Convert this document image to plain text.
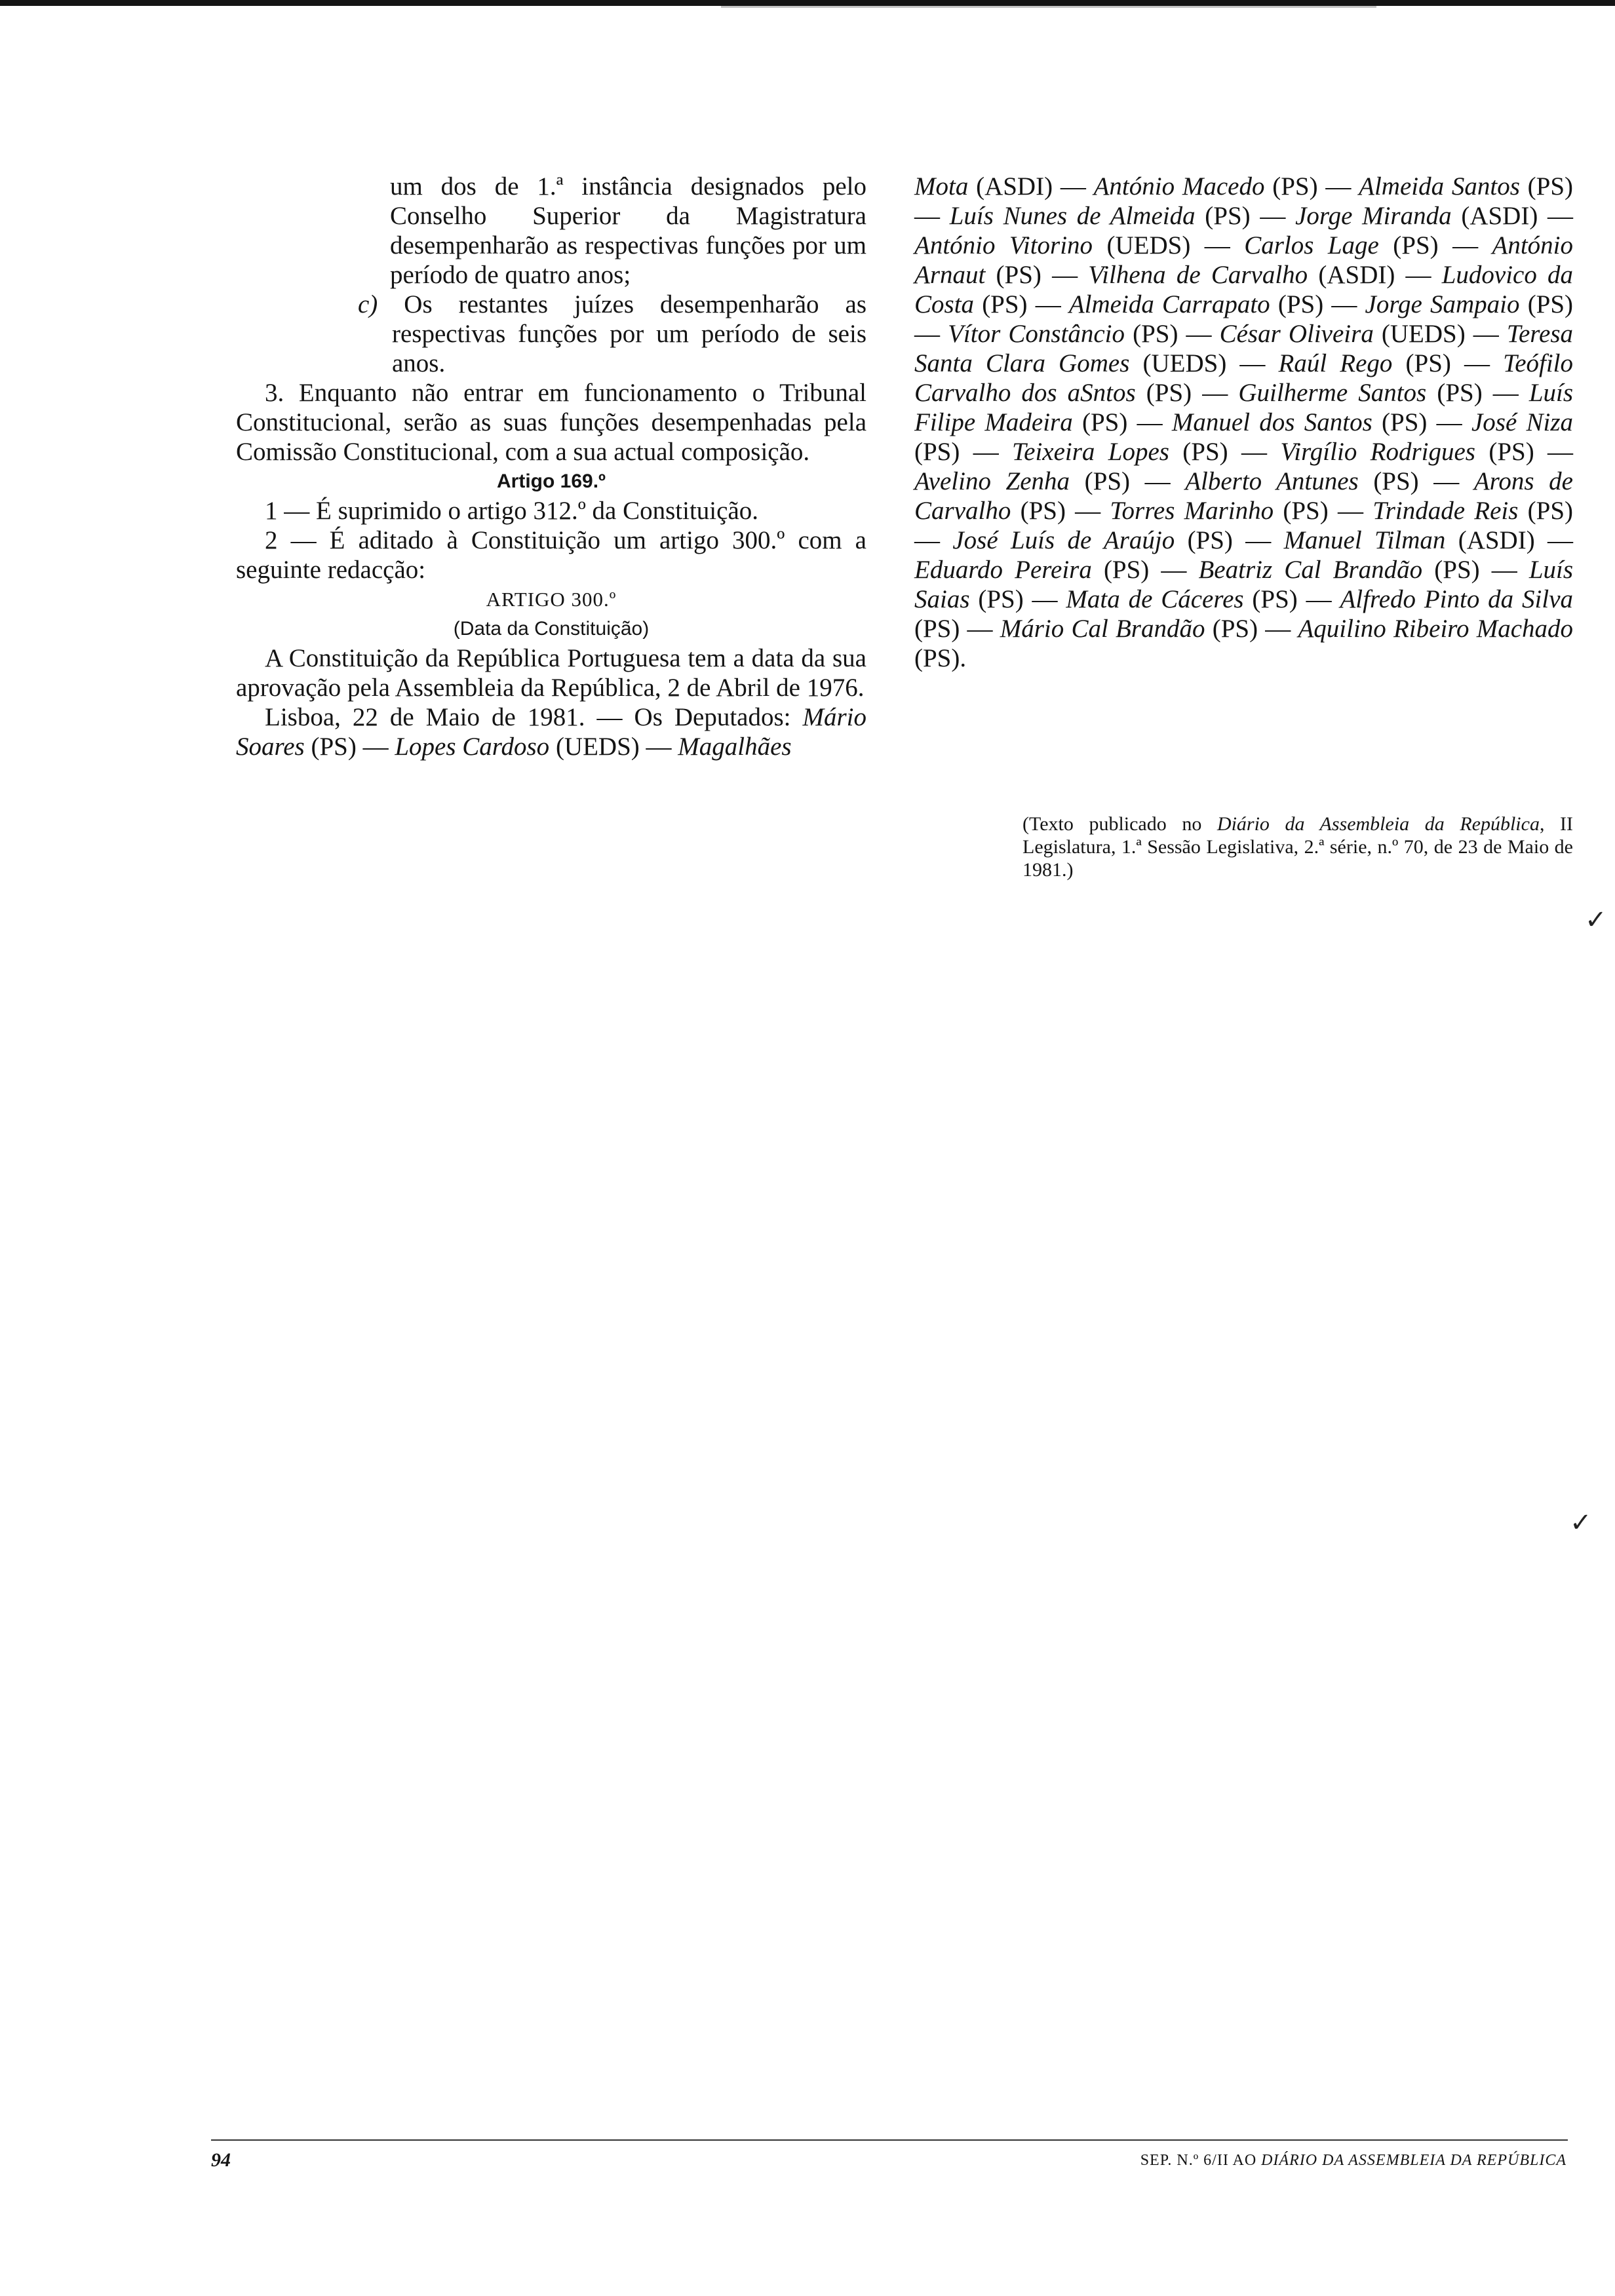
um dos de 1.ª instância designados pelo Conselho Superior da Magistratura desempenharão as respectivas funções por um período de quatro anos;

c) Os restantes juízes desempenharão as respectivas funções por um período de seis anos.

3. Enquanto não entrar em funcionamento o Tribunal Constitucional, serão as suas funções desempenhadas pela Comissão Constitucional, com a sua actual composição.

Artigo 169.º

1 — É suprimido o artigo 312.º da Constituição.

2 — É aditado à Constituição um artigo 300.º com a seguinte redacção:

ARTIGO 300.º

(Data da Constituição)

A Constituição da República Portuguesa tem a data da sua aprovação pela Assembleia da República, 2 de Abril de 1976.

Lisboa, 22 de Maio de 1981. — Os Deputados: Mário Soares (PS) — Lopes Cardoso (UEDS) — Magalhães

Mota (ASDI) — António Macedo (PS) — Almeida Santos (PS) — Luís Nunes de Almeida (PS) — Jorge Miranda (ASDI) — António Vitorino (UEDS) — Carlos Lage (PS) — António Arnaut (PS) — Vilhena de Carvalho (ASDI) — Ludovico da Costa (PS) — Almeida Carrapato (PS) — Jorge Sampaio (PS) — Vítor Constâncio (PS) — César Oliveira (UEDS) — Teresa Santa Clara Gomes (UEDS) — Raúl Rego (PS) — Teófilo Carvalho dos aSntos (PS) — Guilherme Santos (PS) — Luís Filipe Madeira (PS) — Manuel dos Santos (PS) — José Niza (PS) — Teixeira Lopes (PS) — Virgílio Rodrigues (PS) — Avelino Zenha (PS) — Alberto Antunes (PS) — Arons de Carvalho (PS) — Torres Marinho (PS) — Trindade Reis (PS) — José Luís de Araújo (PS) — Manuel Tilman (ASDI) — Eduardo Pereira (PS) — Beatriz Cal Brandão (PS) — Luís Saias (PS) — Mata de Cáceres (PS) — Alfredo Pinto da Silva (PS) — Mário Cal Brandão (PS) — Aquilino Ribeiro Machado (PS).

(Texto publicado no Diário da Assembleia da República, II Legislatura, 1.ª Sessão Legislativa, 2.ª série, n.º 70, de 23 de Maio de 1981.)
✓
✓
94	SEP. N.º 6/II AO DIÁRIO DA ASSEMBLEIA DA REPÚBLICA
